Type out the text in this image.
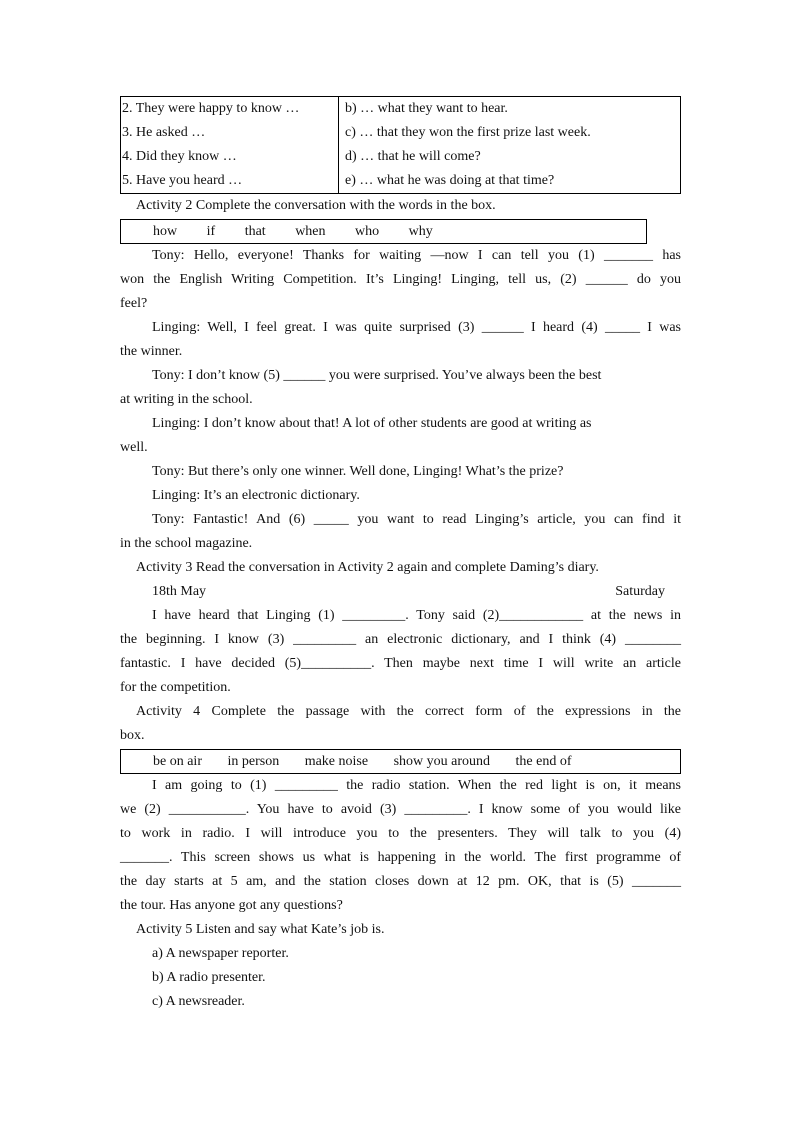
2. They were happy to know …	b) … what they want to hear.
3. He asked …	c) … that they won the first prize last week.
4. Did they know …	d) … that he will come?
5. Have you heard …	e) … what he was doing at that time?
Activity 2 Complete the conversation with the words in the box.
how if that when who why
Tony: Hello, everyone! Thanks for waiting —now I can tell you (1) _______ has
won the English Writing Competition. It’s Linging! Linging, tell us, (2) ______ do you
feel?
Linging: Well, I feel great. I was quite surprised (3) ______ I heard (4) _____ I was
the winner.
Tony: I don’t know (5) ______ you were surprised. You’ve always been the best
at writing in the school.
Linging: I don’t know about that! A lot of other students are good at writing as
well.
Tony: But there’s only one winner. Well done, Linging! What’s the prize?
Linging: It’s an electronic dictionary.
Tony: Fantastic! And (6) _____ you want to read Linging’s article, you can find it
in the school magazine.
Activity 3 Read the conversation in Activity 2 again and complete Daming’s diary.
18th May	Saturday
I have heard that Linging (1) _________. Tony said (2)____________ at the news in
the beginning. I know (3) _________ an electronic dictionary, and I think (4) ________
fantastic. I have decided (5)__________. Then maybe next time I will write an article
for the competition.
Activity 4 Complete the passage with the correct form of the expressions in the
box.
be on air in person make noise show you around the end of
I am going to (1) _________ the radio station. When the red light is on, it means
we (2) ___________. You have to avoid (3) _________. I know some of you would like
to work in radio. I will introduce you to the presenters. They will talk to you (4)
_______. This screen shows us what is happening in the world. The first programme of
the day starts at 5 am, and the station closes down at 12 pm. OK, that is (5) _______
the tour. Has anyone got any questions?
Activity 5 Listen and say what Kate’s job is.
a) A newspaper reporter.
b) A radio presenter.
c) A newsreader.
